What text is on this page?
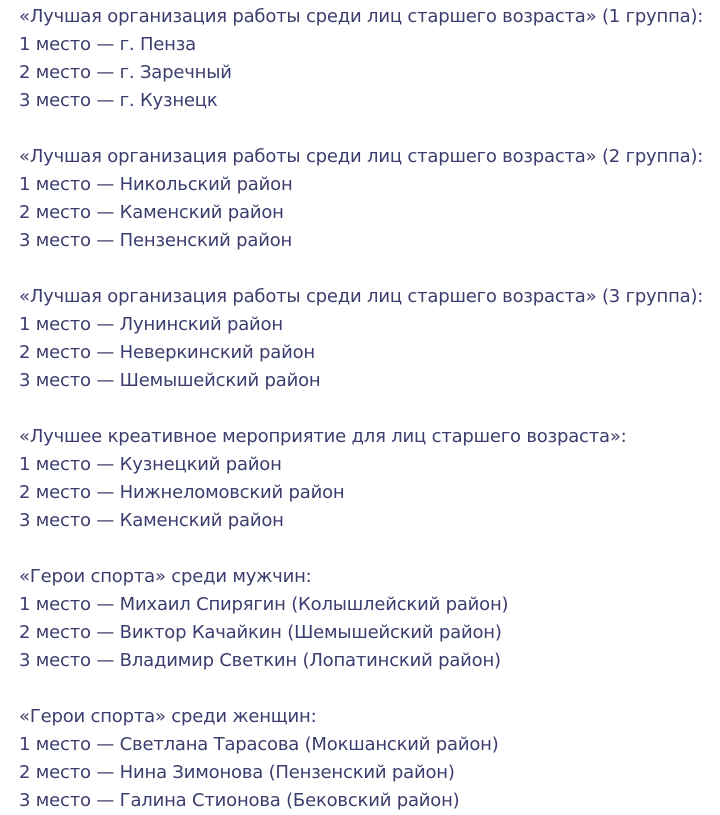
«Лучшая организация работы среди лиц старшего возраста» (1 группа):
1 место — г. Пенза
2 место — г. Заречный
3 место — г. Кузнецк
«Лучшая организация работы среди лиц старшего возраста» (2 группа):
1 место — Никольский район
2 место — Каменский район
3 место — Пензенский район
«Лучшая организация работы среди лиц старшего возраста» (3 группа):
1 место — Лунинский район
2 место — Неверкинский район
3 место — Шемышейский район
«Лучшее креативное мероприятие для лиц старшего возраста»:
1 место — Кузнецкий район
2 место — Нижнеломовский район
3 место — Каменский район
«Герои спорта» среди мужчин:
1 место — Михаил Спирягин (Колышлейский район)
2 место — Виктор Качайкин (Шемышейский район)
3 место — Владимир Светкин (Лопатинский район)
«Герои спорта» среди женщин:
1 место — Светлана Тарасова (Мокшанский район)
2 место — Нина Зимонова (Пензенский район)
3 место — Галина Стионова (Бековский район)
